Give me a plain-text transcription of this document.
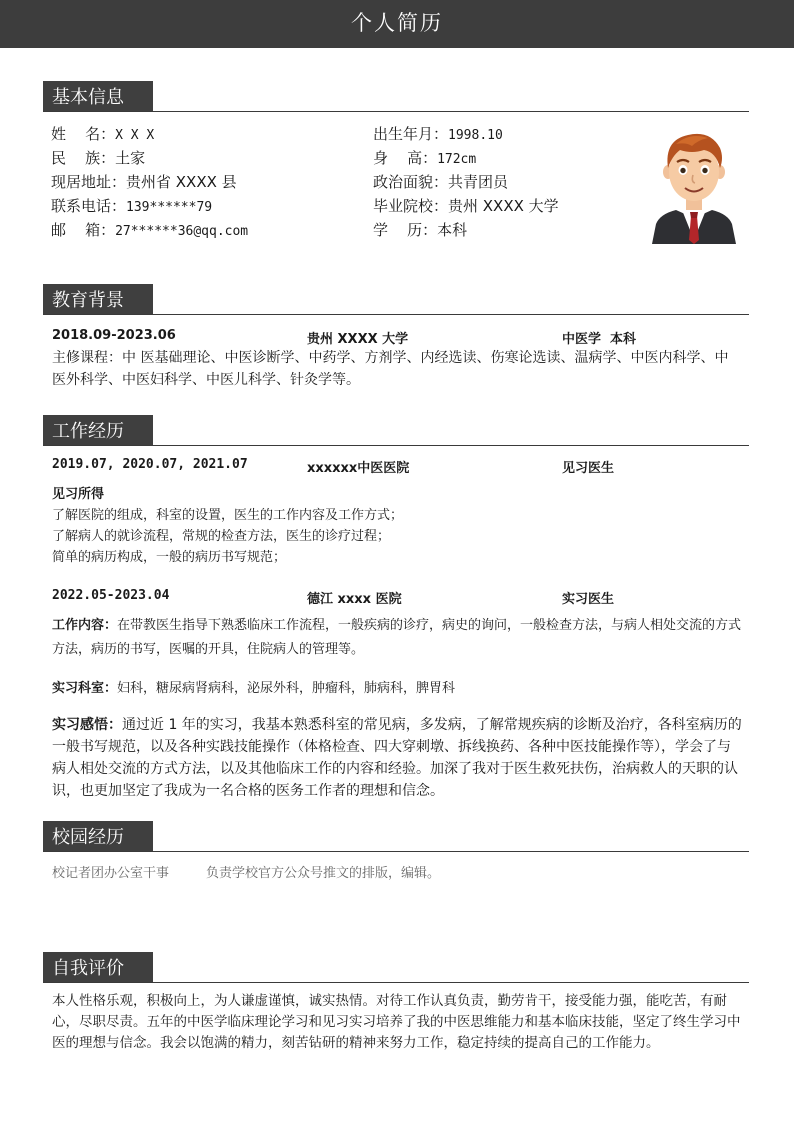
个人简历
基本信息
姓    名：X X X
民    族：土家
现居地址：贵州省 XXXX 县
联系电话：139******79
邮    箱：27******36@qq.com
出生年月：1998.10
身    高：172cm
政治面貌：共青团员
毕业院校：贵州 XXXX 大学
学    历：本科
教育背景
2018.09-2023.06	贵州 XXXX 大学	中医学  本科
主修课程：中 医基础理论、中医诊断学、中药学、方剂学、内经选读、伤寒论选读、温病学、中医内科学、中医外科学、中医妇科学、中医儿科学、针灸学等。
工作经历
2019.07, 2020.07, 2021.07	xxxxxx中医医院	见习医生
见习所得
了解医院的组成，科室的设置，医生的工作内容及工作方式；
了解病人的就诊流程，常规的检查方法，医生的诊疗过程；
简单的病历构成，一般的病历书写规范；
2022.05-2023.04	德江 xxxx 医院	实习医生
工作内容：在带教医生指导下熟悉临床工作流程，一般疾病的诊疗，病史的询问，一般检查方法，与病人相处交流的方式方法，病历的书写，医嘱的开具，住院病人的管理等。
实习科室：妇科，糖尿病肾病科，泌尿外科，肿瘤科，肺病科，脾胃科
实习感悟：通过近 1 年的实习，我基本熟悉科室的常见病，多发病，了解常规疾病的诊断及治疗，各科室病历的一般书写规范，以及各种实践技能操作（体格检查、四大穿刺墩、拆线换药、各种中医技能操作等），学会了与病人相处交流的方式方法，以及其他临床工作的内容和经验。加深了我对于医生救死扶伤，治病救人的天职的认识，也更加坚定了我成为一名合格的医务工作者的理想和信念。
校园经历
校记者团办公室干事	负责学校官方公众号推文的排版，编辑。
自我评价
本人性格乐观，积极向上，为人谦虚谨慎，诚实热情。对待工作认真负责，勤劳肯干，接受能力强，能吃苦，有耐心，尽职尽责。五年的中医学临床理论学习和见习实习培养了我的中医思维能力和基本临床技能，坚定了终生学习中医的理想与信念。我会以饱满的精力，刻苦钻研的精神来努力工作，稳定持续的提高自己的工作能力。
